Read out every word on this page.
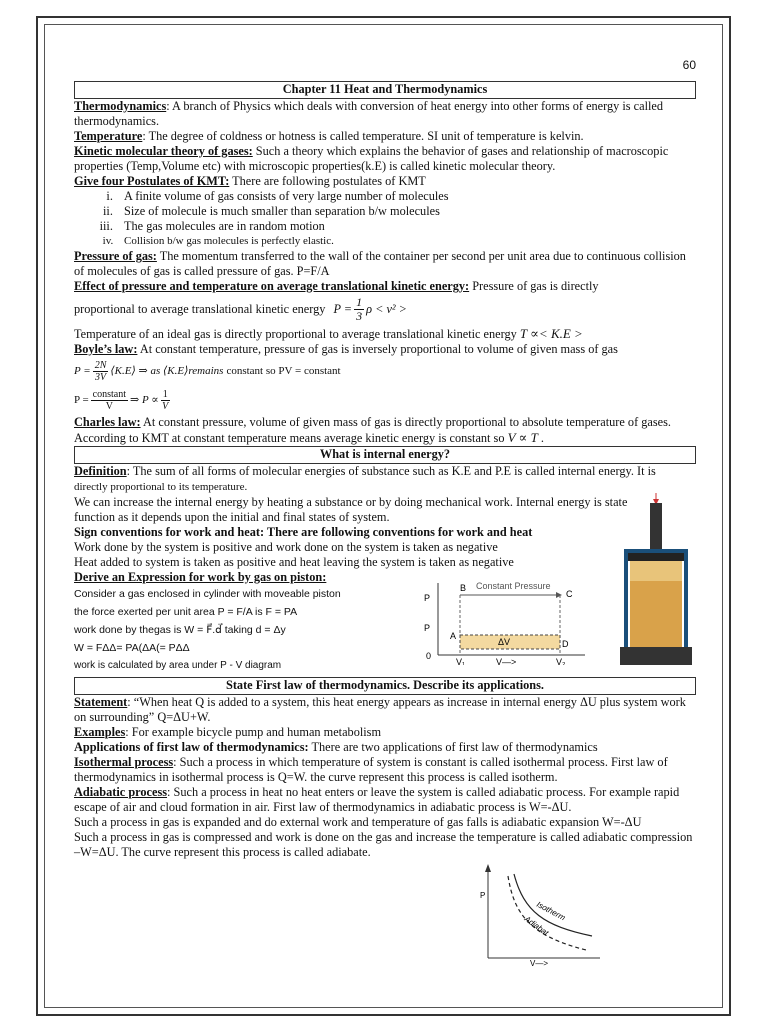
60
Chapter 11 Heat and Thermodynamics

Thermodynamics: A branch of Physics which deals with conversion of heat energy into other forms of energy is called thermodynamics.

Temperature: The degree of coldness or hotness is called temperature. SI unit of temperature is kelvin.

Kinetic molecular theory of gases: Such a theory which explains the behavior of gases and relationship of macroscopic properties (Temp,Volume etc) with microscopic properties(k.E) is called kinetic molecular theory.

Give four Postulates of KMT: There are following postulates of KMT

i. A finite volume of gas consists of very large number of molecules
ii. Size of molecule is much smaller than separation b/w molecules
iii. The gas molecules are in random motion
iv. Collision b/w gas molecules is perfectly elastic.

Pressure of gas: The momentum transferred to the wall of the container per second per unit area due to continuous collision of molecules of gas is called pressure of gas. P=F/A

Effect of pressure and temperature on average translational kinetic energy: Pressure of gas is directly

proportional to average translational kinetic energy $P = \frac{1}{3}$ ρ < v² >

Temperature of an ideal gas is directly proportional to average translational kinetic energy T ∝< K.E >

Boyle’s law: At constant temperature, pressure of gas is inversely proportional to volume of given mass of gas

$P = \frac{2N}{3V}$ ⟨K.E⟩ ⇒ as ⟨K.E⟩remains constant so PV = constant
$P = \frac{\text{constant}}{V}$ ⇒ $P \propto \frac{1}{V}$

Charles law: At constant pressure, volume of given mass of gas is directly proportional to absolute temperature of gases. According to KMT at constant temperature means average kinetic energy is constant so V ∝ T .

What is internal energy?

Definition: The sum of all forms of molecular energies of substance such as K.E and P.E is called internal energy. It is
directly proportional to its temperature.

We can increase the internal energy by heating a substance or by doing mechanical work. Internal energy is state function as it depends upon the initial and final states of system.

Sign conventions for work and heat: There are following conventions for work and heat

Work done by the system is positive and work done on the system is taken as negative

Heat added to system is taken as positive and heat leaving the system is taken as negative

Derive an Expression for work by gas on piston:

Consider a gas enclosed in cylinder with moveable piston
the force exerted per unit area P = F/A is F = PA
work done by thegas is W = F⃗.d⃗ taking d = Δy
W = FΔΔ= PA(ΔA(= PΔΔ
work is calculated by area under P - V diagram
P
P
Constant Pressure
B
C
A
D
ΔV
0
V₁	V—>	V₂
State First law of thermodynamics. Describe its applications.

Statement: “When heat Q is added to a system, this heat energy appears as increase in internal energy ΔU plus system work on surrounding” Q=ΔU+W.

Examples: For example bicycle pump and human metabolism

Applications of first law of thermodynamics: There are two applications of first law of thermodynamics

Isothermal process: Such a process in which temperature of system is constant is called isothermal process. First law of thermodynamics in isothermal process is Q=W. the curve represent this process is called isotherm.

Adiabatic process: Such a process in heat no heat enters or leave the system is called adiabatic process. For example rapid escape of air and cloud formation in air. First law of thermodynamics in adiabatic process is W=-ΔU.

Such a process in gas is expanded and do external work and temperature of gas falls is adiabatic expansion W=-ΔU

Such a process in gas is compressed and work is done on the gas and increase the temperature is called adiabatic compression –W=ΔU. The curve represent this process is called adiabate.

P
Isotherm
Adiabat
V—>
